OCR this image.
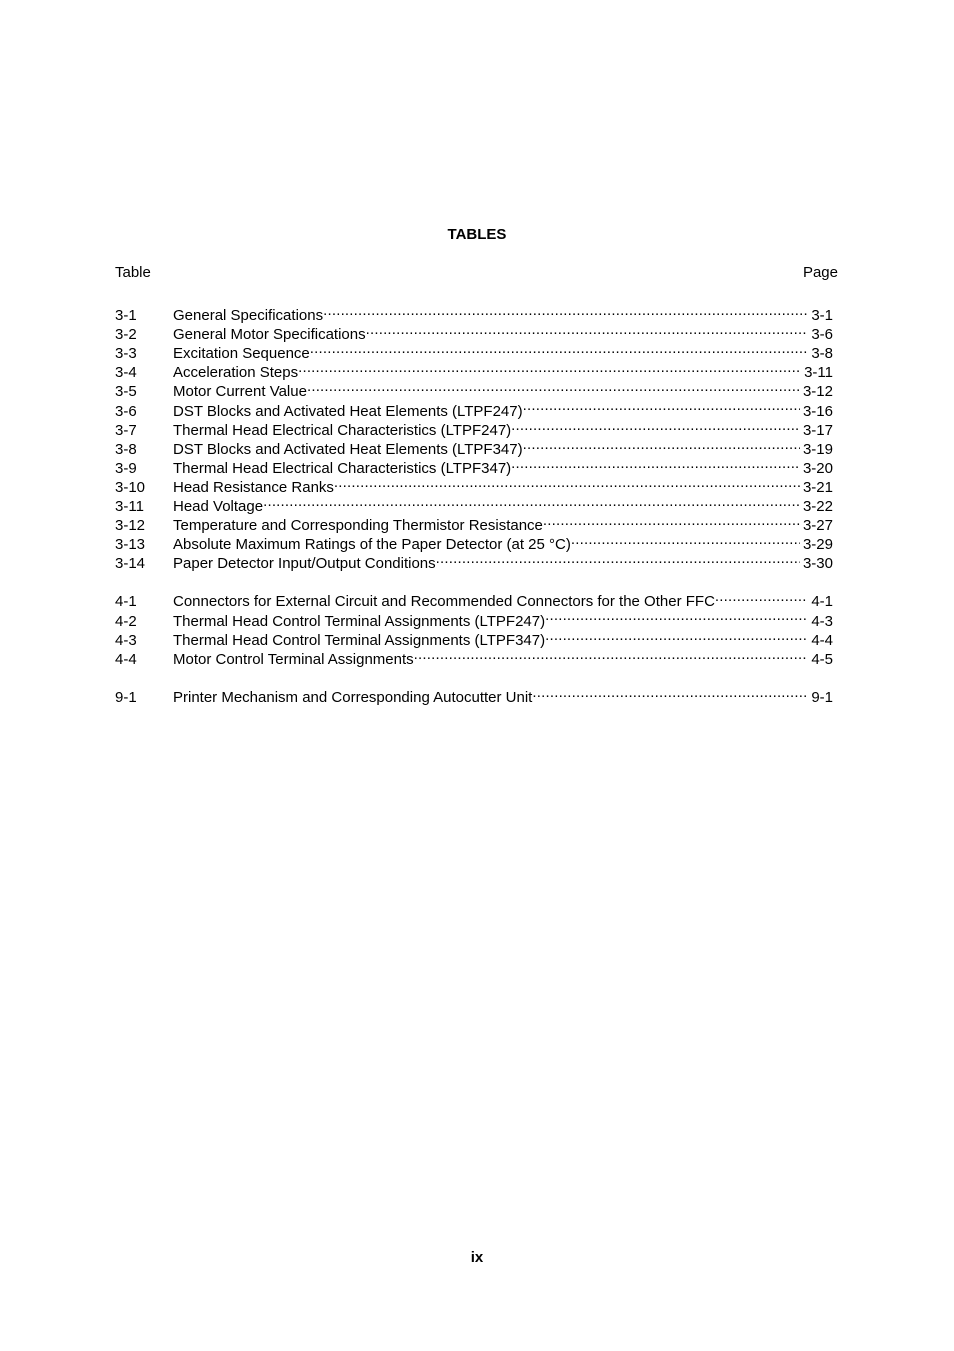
TABLES
Table	Page
3-1	General Specifications .....	3-1
3-2	General Motor Specifications .....	3-6
3-3	Excitation Sequence .....	3-8
3-4	Acceleration Steps .....	3-11
3-5	Motor Current Value .....	3-12
3-6	DST Blocks and Activated Heat Elements (LTPF247) .....	3-16
3-7	Thermal Head Electrical Characteristics (LTPF247) .....	3-17
3-8	DST Blocks and Activated Heat Elements (LTPF347) .....	3-19
3-9	Thermal Head Electrical Characteristics (LTPF347) .....	3-20
3-10	Head Resistance Ranks .....	3-21
3-11	Head Voltage .....	3-22
3-12	Temperature and Corresponding Thermistor Resistance .....	3-27
3-13	Absolute Maximum Ratings of the Paper Detector (at 25 °C) .....	3-29
3-14	Paper Detector Input/Output Conditions .....	3-30
4-1	Connectors for External Circuit and Recommended Connectors for the Other FFC .....	4-1
4-2	Thermal Head Control Terminal Assignments (LTPF247) .....	4-3
4-3	Thermal Head Control Terminal Assignments (LTPF347) .....	4-4
4-4	Motor Control Terminal Assignments .....	4-5
9-1	Printer Mechanism and Corresponding Autocutter Unit .....	9-1
ix
